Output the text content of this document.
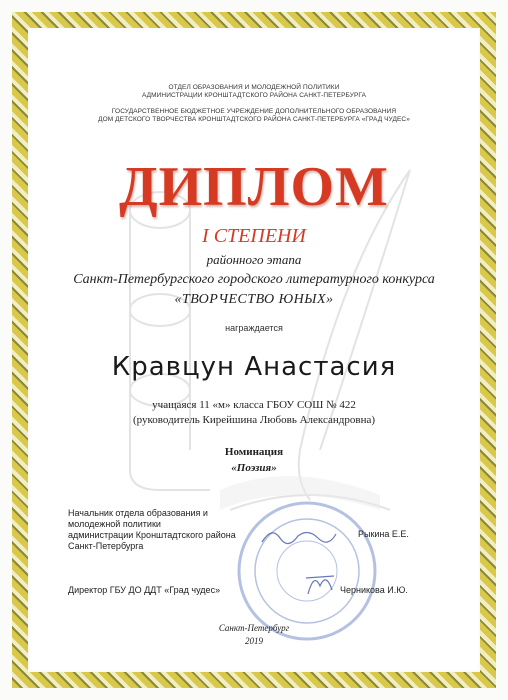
ОТДЕЛ ОБРАЗОВАНИЯ И МОЛОДЕЖНОЙ ПОЛИТИКИ
АДМИНИСТРАЦИИ КРОНШТАДТСКОГО РАЙОНА САНКТ-ПЕТЕРБУРГА
ГОСУДАРСТВЕННОЕ БЮДЖЕТНОЕ УЧРЕЖДЕНИЕ ДОПОЛНИТЕЛЬНОГО ОБРАЗОВАНИЯ
ДОМ ДЕТСКОГО ТВОРЧЕСТВА КРОНШТАДТСКОГО РАЙОНА САНКТ-ПЕТЕРБУРГА «ГРАД ЧУДЕС»
ДИПЛОМ
I СТЕПЕНИ
районного этапа
Санкт-Петербургского городского литературного конкурса
«ТВОРЧЕСТВО ЮНЫХ»
награждается
Кравцун Анастасия
учащаяся 11 «м» класса ГБОУ СОШ № 422
(руководитель Кирейшина Любовь Александровна)
Номинация
«Поэзия»
Начальник отдела образования и
молодежной политики
администрации Кронштадтского района
Санкт-Петербурга
Рыкина Е.Е.
Директор ГБУ ДО ДДТ «Град чудес»	Черникова И.Ю.
Санкт-Петербург
2019
